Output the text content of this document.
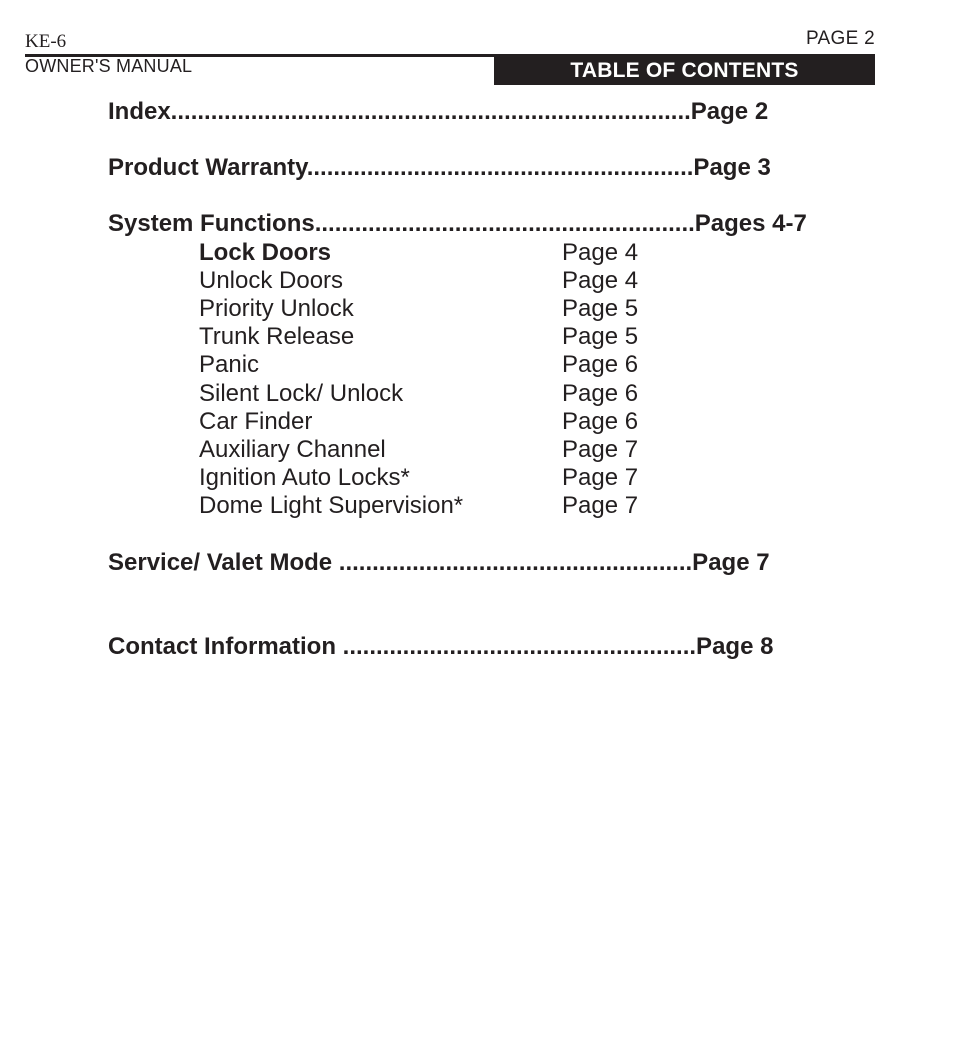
KE-6	PAGE 2
OWNER'S MANUAL	TABLE OF CONTENTS
Index..............................................................................Page 2
Product Warranty..........................................................Page 3
System Functions.........................................................Pages 4-7
Lock Doors	Page 4
Unlock Doors	Page 4
Priority Unlock	Page 5
Trunk Release	Page 5
Panic	Page 6
Silent Lock/ Unlock	Page 6
Car Finder	Page 6
Auxiliary Channel	Page 7
Ignition Auto Locks*	Page 7
Dome Light Supervision*	Page 7
Service/ Valet Mode .....................................................Page 7
Contact Information .....................................................Page 8
